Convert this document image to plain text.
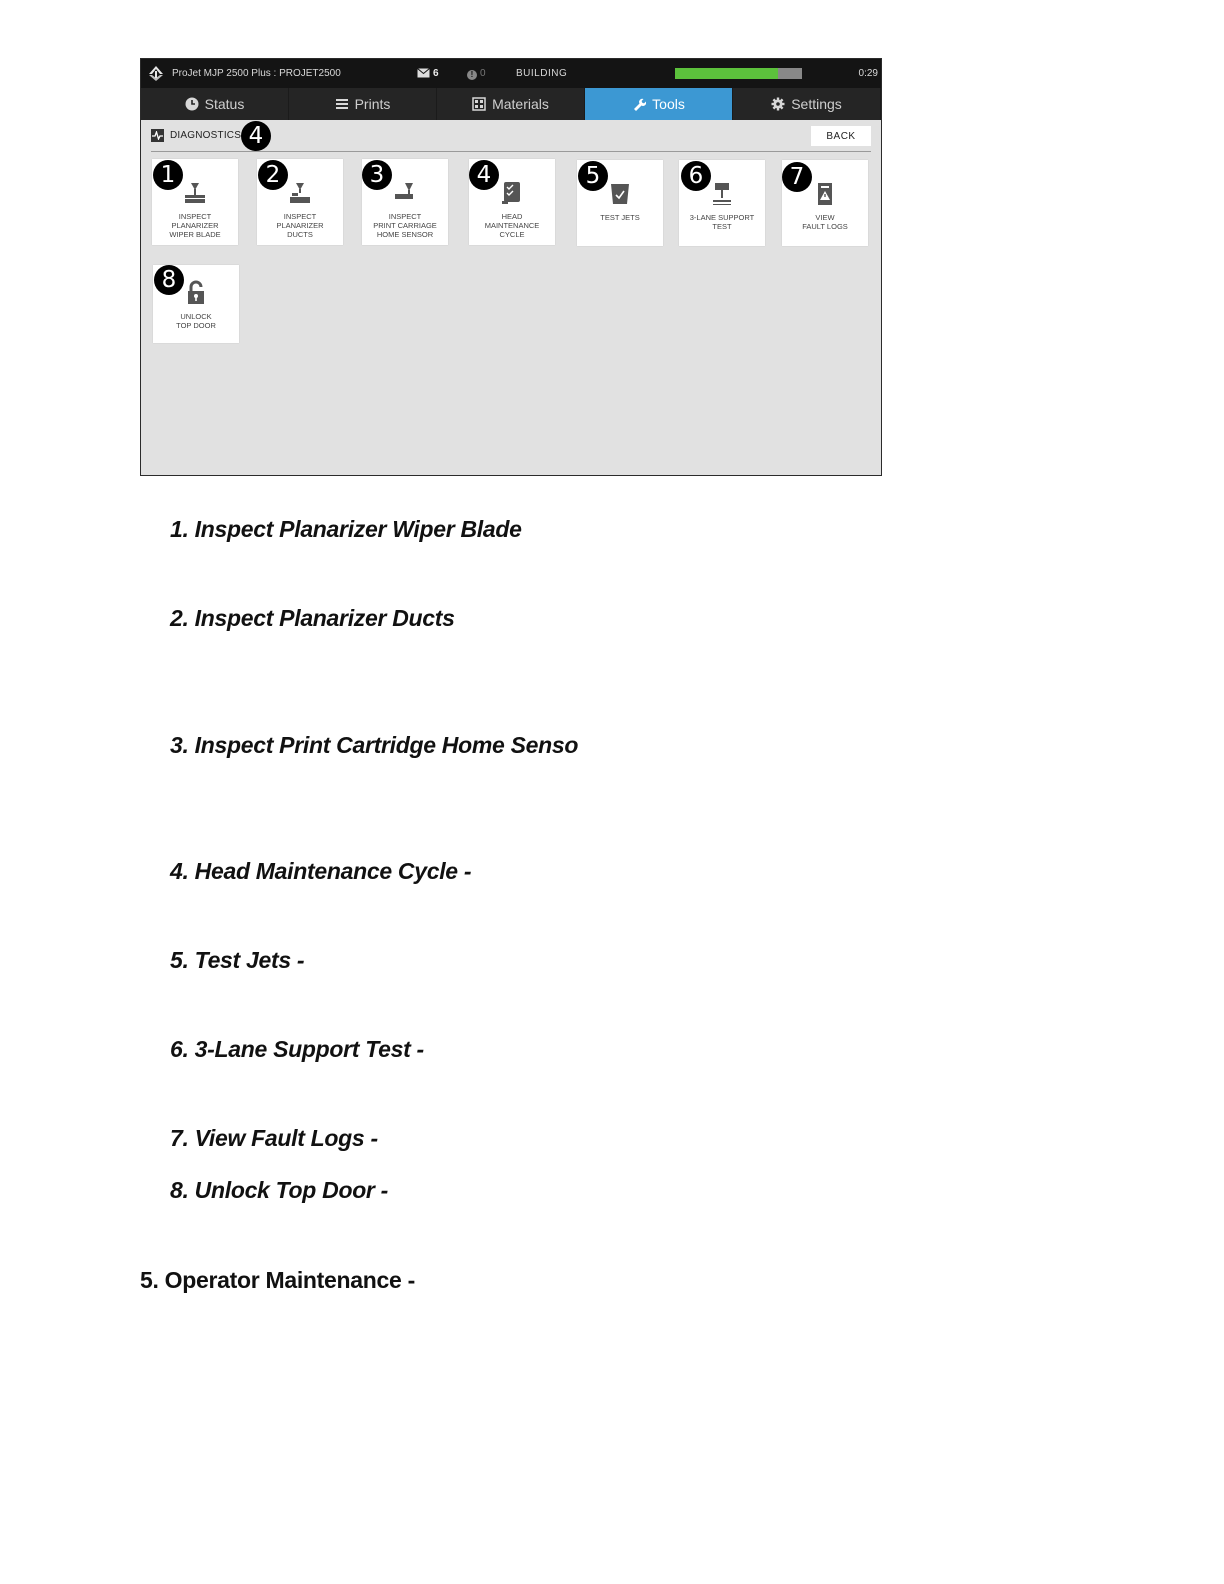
ProJet MJP 2500 Plus : PROJET2500	6	! 0	BUILDING	0:29
Status	Prints	Materials	Tools	Settings
DIAGNOSTICS 4	BACK
INSPECT
PLANARIZER
WIPER BLADE
INSPECT
PLANARIZER
DUCTS
INSPECT
PRINT CARRIAGE
HOME SENSOR
HEAD
MAINTENANCE
CYCLE
TEST JETS	3-LANE SUPPORT
TEST
VIEW
FAULT LOGS
UNLOCK
TOP DOOR
1	2	3	4	5	6	7
8
1. Inspect Planarizer Wiper Blade
2. Inspect Planarizer Ducts
3. Inspect Print Cartridge Home Senso
4. Head Maintenance Cycle -
5. Test Jets -
6. 3-Lane Support Test -
7. View Fault Logs -
8. Unlock Top Door -
5. Operator Maintenance -
